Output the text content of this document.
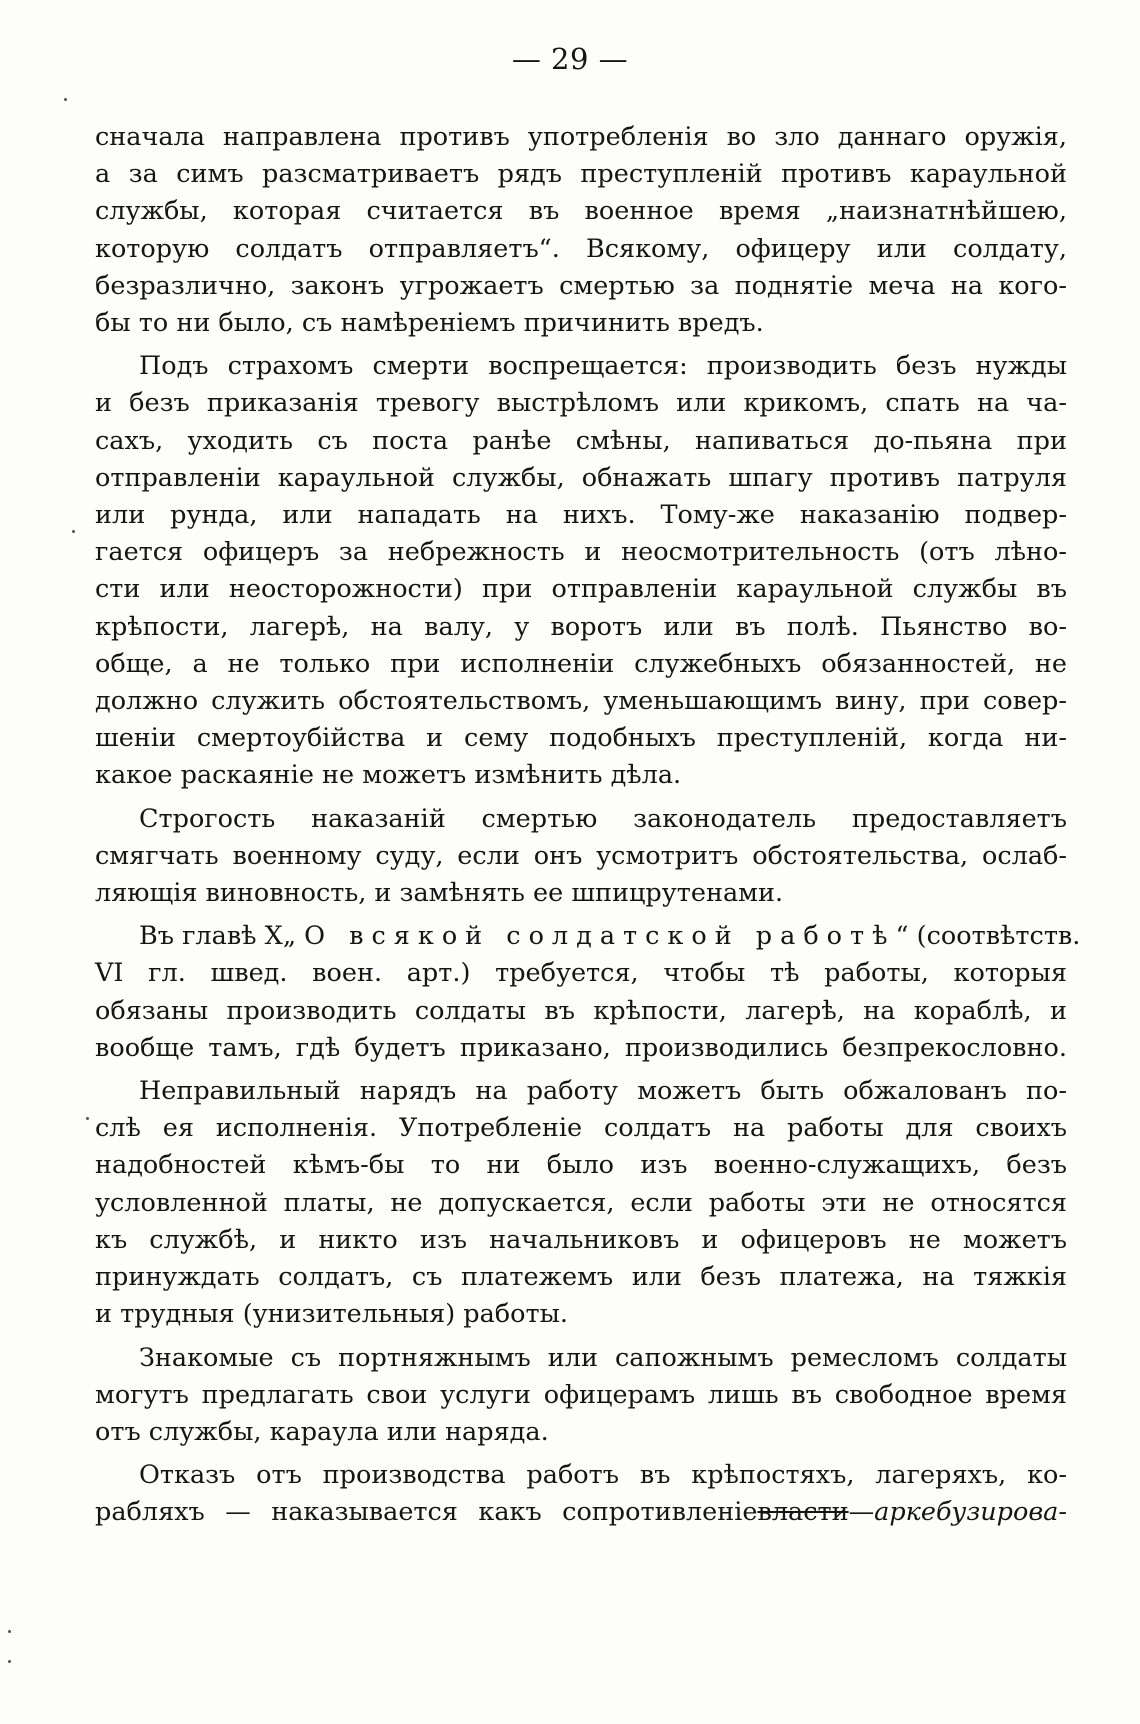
— 29 —
сначала направлена противъ употребленія во зло даннаго оружія,
а за симъ разсматриваетъ рядъ преступленій противъ караульной
службы, которая считается въ военное время „наизнатнѣйшею,
которую солдатъ отправляетъ“. Всякому, офицеру или солдату,
безразлично, законъ угрожаетъ смертью за поднятіе меча на кого-
бы то ни было, съ намѣреніемъ причинить вредъ.
Подъ страхомъ смерти воспрещается: производить безъ нужды
и безъ приказанія тревогу выстрѣломъ или крикомъ, спать на ча-
сахъ, уходить съ поста ранѣе смѣны, напиваться до-пьяна при
отправленіи караульной службы, обнажать шпагу противъ патруля
или рунда, или нападать на нихъ. Тому-же наказанію подвер-
гается офицеръ за небрежность и неосмотрительность (отъ лѣно-
сти или неосторожности) при отправленіи караульной службы въ
крѣпости, лагерѣ, на валу, у воротъ или въ полѣ. Пьянство во-
обще, а не только при исполненіи служебныхъ обязанностей, не
должно служить обстоятельствомъ, уменьшающимъ вину, при совер-
шеніи смертоубійства и сему подобныхъ преступленій, когда ни-
какое раскаяніе не можетъ измѣнить дѣла.
Строгость наказаній смертью законодатель предоставляетъ
смягчать военному суду, если онъ усмотритъ обстоятельства, ослаб-
ляющія виновность, и замѣнять ее шпицрутенами.
Въ главѣ X„ О всякой солдатской работѣ“ (соотвѣтств.
VI гл. швед. воен. арт.) требуется, чтобы тѣ работы, которыя
обязаны производить солдаты въ крѣпости, лагерѣ, на кораблѣ, и
вообще тамъ, гдѣ будетъ приказано, производились безпрекословно.
Неправильный нарядъ на работу можетъ быть обжалованъ по-
слѣ ея исполненія. Употребленіе солдатъ на работы для своихъ
надобностей кѣмъ-бы то ни было изъ военно-служащихъ, безъ
условленной платы, не допускается, если работы эти не относятся
къ службѣ, и никто изъ начальниковъ и офицеровъ не можетъ
принуждать солдатъ, съ платежемъ или безъ платежа, на тяжкія
и трудныя (унизительныя) работы.
Знакомые съ портняжнымъ или сапожнымъ ремесломъ солдаты
могутъ предлагать свои услуги офицерамъ лишь въ свободное время
отъ службы, караула или наряда.
Отказъ отъ производства работъ въ крѣпостяхъ, лагеряхъ, ко-
рабляхъ — наказывается какъ сопротивленіевласти—аркебузирова-
